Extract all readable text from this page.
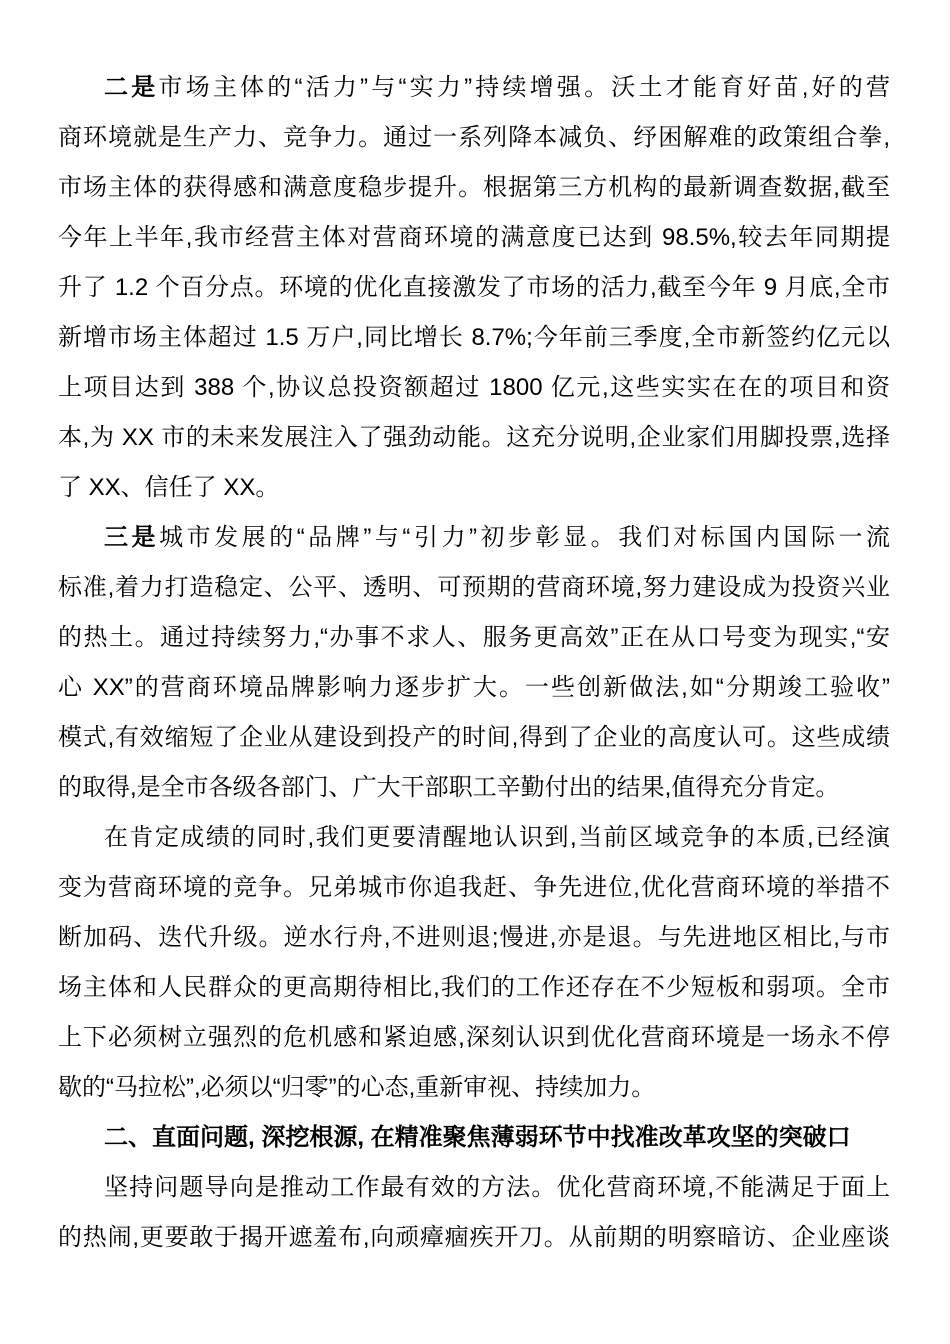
二是市场主体的“活力”与“实力”持续增强。沃土才能育好苗,好的营
商环境就是生产力、竞争力。通过一系列降本减负、纾困解难的政策组合拳,
市场主体的获得感和满意度稳步提升。根据第三方机构的最新调查数据,截至
今年上半年,我市经营主体对营商环境的满意度已达到 98.5%,较去年同期提
升了 1.2 个百分点。环境的优化直接激发了市场的活力,截至今年 9 月底,全市
新增市场主体超过 1.5 万户,同比增长 8.7%;今年前三季度,全市新签约亿元以
上项目达到 388 个,协议总投资额超过 1800 亿元,这些实实在在的项目和资
本,为 XX 市的未来发展注入了强劲动能。这充分说明,企业家们用脚投票,选择
了 XX、信任了 XX。
三是城市发展的“品牌”与“引力”初步彰显。我们对标国内国际一流
标准,着力打造稳定、公平、透明、可预期的营商环境,努力建设成为投资兴业
的热土。通过持续努力,“办事不求人、服务更高效”正在从口号变为现实,“安
心 XX”的营商环境品牌影响力逐步扩大。一些创新做法,如“分期竣工验收”
模式,有效缩短了企业从建设到投产的时间,得到了企业的高度认可。这些成绩
的取得,是全市各级各部门、广大干部职工辛勤付出的结果,值得充分肯定。
在肯定成绩的同时,我们更要清醒地认识到,当前区域竞争的本质,已经演
变为营商环境的竞争。兄弟城市你追我赶、争先进位,优化营商环境的举措不
断加码、迭代升级。逆水行舟,不进则退;慢进,亦是退。与先进地区相比,与市
场主体和人民群众的更高期待相比,我们的工作还存在不少短板和弱项。全市
上下必须树立强烈的危机感和紧迫感,深刻认识到优化营商环境是一场永不停
歇的“马拉松”,必须以“归零”的心态,重新审视、持续加力。
二、直面问题, 深挖根源, 在精准聚焦薄弱环节中找准改革攻坚的突破口
坚持问题导向是推动工作最有效的方法。优化营商环境,不能满足于面上
的热闹,更要敢于揭开遮羞布,向顽瘴痼疾开刀。从前期的明察暗访、企业座谈
